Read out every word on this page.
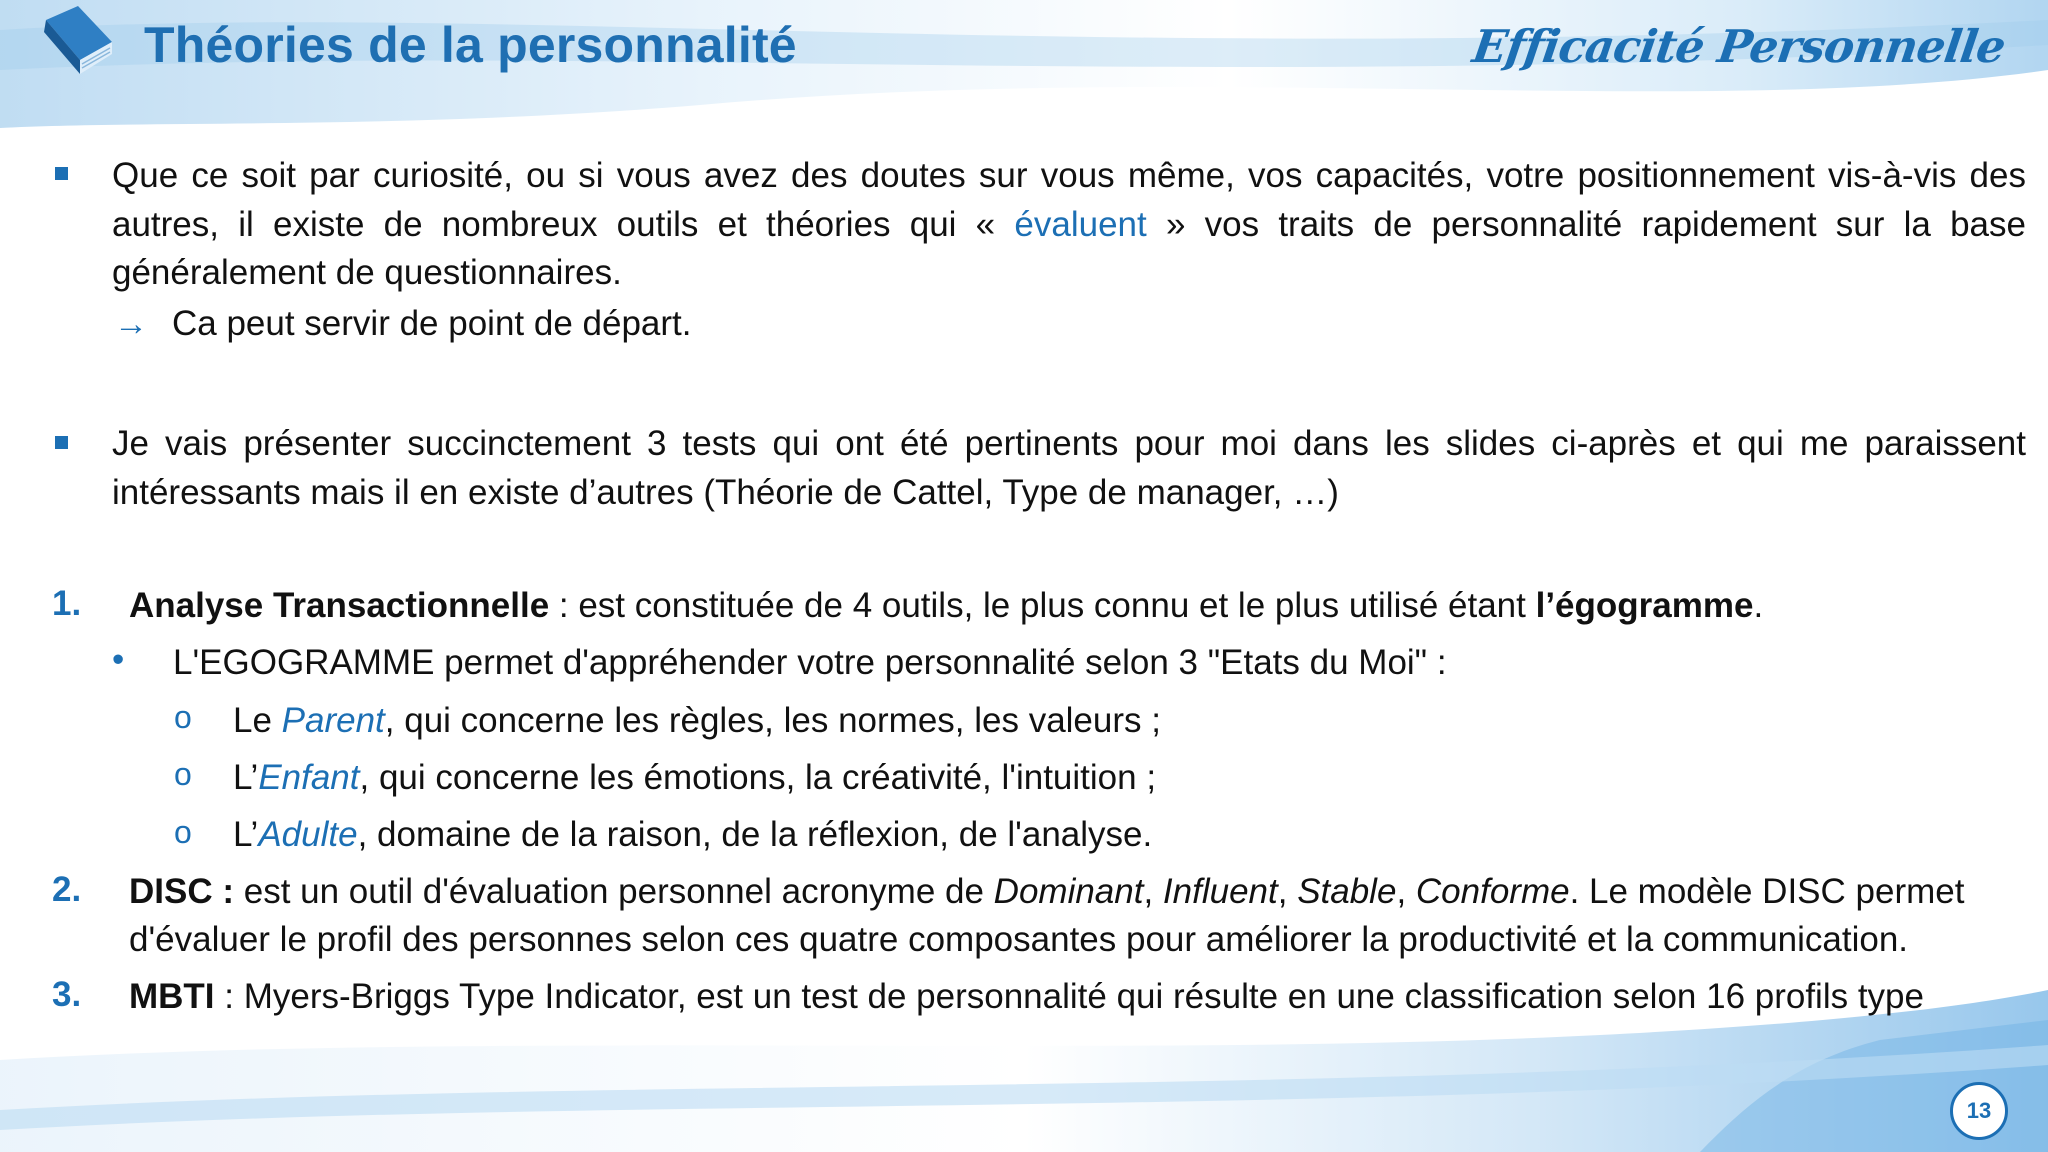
Théories de la personnalité	Efficacité Personnelle
Que ce soit par curiosité, ou si vous avez des doutes sur vous même, vos capacités, votre positionnement vis-à-vis des autres, il existe de nombreux outils et théories qui « évaluent » vos traits de personnalité rapidement sur la base généralement de questionnaires.
→ Ca peut servir de point de départ.
Je vais présenter succinctement 3 tests qui ont été pertinents pour moi dans les slides ci-après et qui me paraissent intéressants mais il en existe d’autres (Théorie de Cattel, Type de manager, …)
1. Analyse Transactionnelle : est constituée de 4 outils, le plus connu et le plus utilisé étant l’égogramme.
• L'EGOGRAMME permet d'appréhender votre personnalité selon 3 "Etats du Moi" :
o Le Parent, qui concerne les règles, les normes, les valeurs ;
o L’Enfant, qui concerne les émotions, la créativité, l'intuition ;
o L’Adulte, domaine de la raison, de la réflexion, de l'analyse.
2. DISC : est un outil d'évaluation personnel acronyme de Dominant, Influent, Stable, Conforme. Le modèle DISC permet
d'évaluer le profil des personnes selon ces quatre composantes pour améliorer la productivité et la communication.
3. MBTI : Myers-Briggs Type Indicator, est un test de personnalité qui résulte en une classification selon 16 profils type
13
